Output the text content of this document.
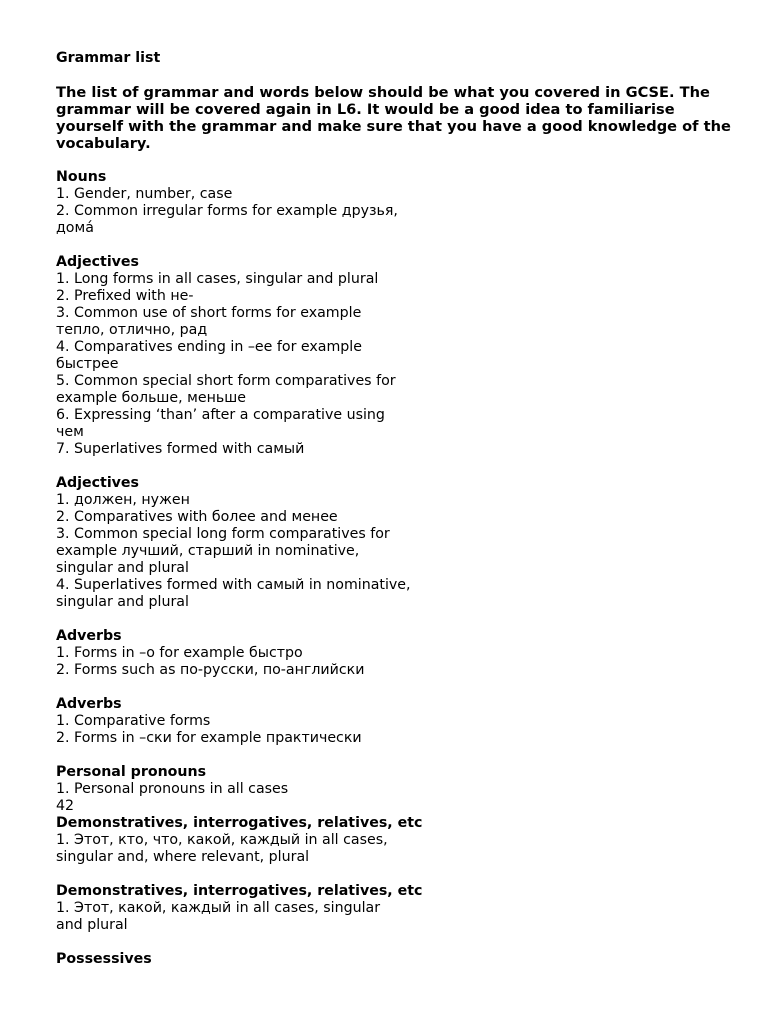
Grammar list

The list of grammar and words below should be what you covered in GCSE. The grammar will be covered again in L6. It would be a good idea to familiarise yourself with the grammar and make sure that you have a good knowledge of the vocabulary.

Nouns

1. Gender, number, case

2. Common irregular forms for example друзья,
дома́

Adjectives

1. Long forms in all cases, singular and plural

2. Prefixed with не-

3. Common use of short forms for example
тепло, отлично, рад

4. Comparatives ending in –ее for example
быстрее

5. Common special short form comparatives for
example больше, меньше

6. Expressing ‘than’ after a comparative using
чем

7. Superlatives formed with самый

Adjectives

1. должен, нужен

2. Comparatives with более and менее

3. Common special long form comparatives for
example лучший, старший in nominative,
singular and plural

4. Superlatives formed with самый in nominative,
singular and plural

Adverbs

1. Forms in –о for example быстро

2. Forms such as по-русски, по-английски

Adverbs

1. Comparative forms

2. Forms in –ски for example практически

Personal pronouns

1. Personal pronouns in all cases

42

Demonstratives, interrogatives, relatives, etc

1. Этот, кто, что, какой, каждый in all cases,
singular and, where relevant, plural

Demonstratives, interrogatives, relatives, etc

1. Этот, какой, каждый in all cases, singular
and plural

Possessives
